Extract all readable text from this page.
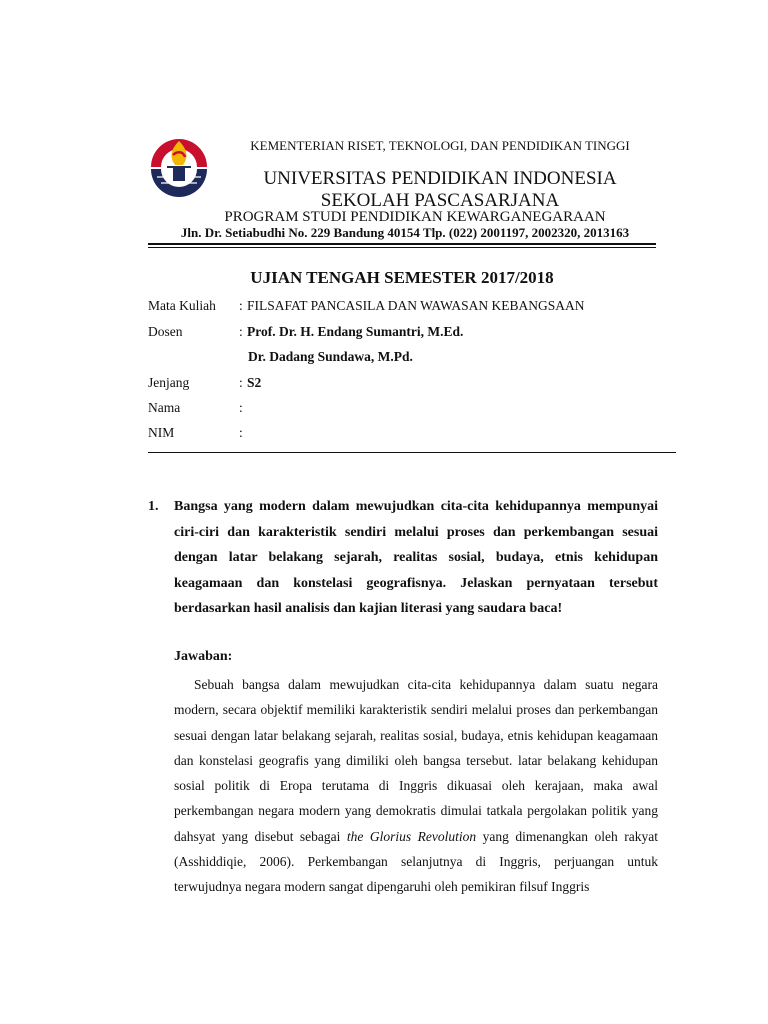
KEMENTERIAN RISET, TEKNOLOGI, DAN PENDIDIKAN TINGGI
UNIVERSITAS PENDIDIKAN INDONESIA
SEKOLAH PASCASARJANA
PROGRAM STUDI PENDIDIKAN KEWARGANEGARAAN
Jln. Dr. Setiabudhi No. 229 Bandung 40154 Tlp. (022) 2001197, 2002320, 2013163
UJIAN TENGAH SEMESTER 2017/2018
Mata Kuliah : FILSAFAT PANCASILA DAN WAWASAN KEBANGSAAN
Dosen	: Prof. Dr. H. Endang Sumantri, M.Ed.
Dr. Dadang Sundawa, M.Pd.
Jenjang	: S2
Nama	:
NIM	:
1. Bangsa yang modern dalam mewujudkan cita-cita kehidupannya mempunyai ciri-ciri dan karakteristik sendiri melalui proses dan perkembangan sesuai dengan latar belakang sejarah, realitas sosial, budaya, etnis kehidupan keagamaan dan konstelasi geografisnya. Jelaskan pernyataan tersebut berdasarkan hasil analisis dan kajian literasi yang saudara baca!
Jawaban:
Sebuah bangsa dalam mewujudkan cita-cita kehidupannya dalam suatu negara modern, secara objektif memiliki karakteristik sendiri melalui proses dan perkembangan sesuai dengan latar belakang sejarah, realitas sosial, budaya, etnis kehidupan keagamaan dan konstelasi geografis yang dimiliki oleh bangsa tersebut. latar belakang kehidupan sosial politik di Eropa terutama di Inggris dikuasai oleh kerajaan, maka awal perkembangan negara modern yang demokratis dimulai tatkala pergolakan politik yang dahsyat yang disebut sebagai the Glorius Revolution yang dimenangkan oleh rakyat (Asshiddiqie, 2006). Perkembangan selanjutnya di Inggris, perjuangan untuk terwujudnya negara modern sangat dipengaruhi oleh pemikiran filsuf Inggris
